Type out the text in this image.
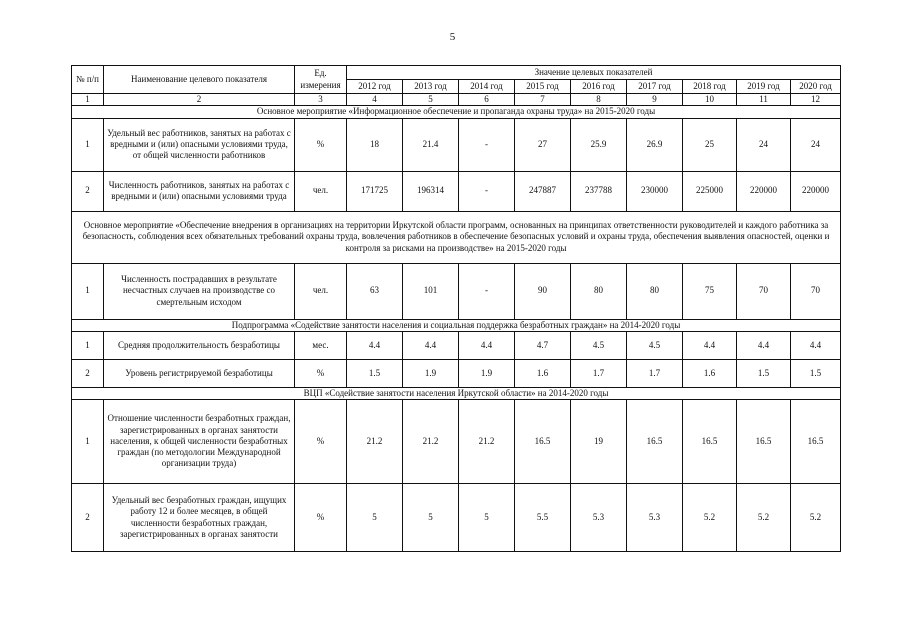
5
№ п/п	Наименование целевого показателя	Ед. измерения	Значение целевых показателей								
			2012 год	2013 год	2014 год	2015 год	2016 год	2017 год	2018 год	2019 год	2020 год
1	2	3	4	5	6	7	8	9	10	11	12
Основное мероприятие «Информационное обеспечение и пропаганда охраны труда» на 2015-2020 годы											
1	Удельный вес работников, занятых на работах с вредными и (или) опасными условиями труда, от общей численности работников	%	18	21.4	-	27	25.9	26.9	25	24	24
2	Численность работников, занятых на работах с вредными и (или) опасными условиями труда	чел.	171725	196314	-	247887	237788	230000	225000	220000	220000
Основное мероприятие «Обеспечение внедрения в организациях на территории Иркутской области программ, основанных на принципах ответственности руководителей и каждого работника за безопасность, соблюдения всех обязательных требований охраны труда, вовлечения работников в обеспечение безопасных условий и охраны труда, обеспечения выявления опасностей, оценки и контроля за рисками на производстве» на 2015-2020 годы											
1	Численность пострадавших в результате несчастных случаев на производстве со смертельным исходом	чел.	63	101	-	90	80	80	75	70	70
Подпрограмма «Содействие занятости населения и социальная поддержка безработных граждан» на 2014-2020 годы											
1	Средняя продолжительность безработицы	мес.	4.4	4.4	4.4	4.7	4.5	4.5	4.4	4.4	4.4
2	Уровень регистрируемой безработицы	%	1.5	1.9	1.9	1.6	1.7	1.7	1.6	1.5	1.5
ВЦП «Содействие занятости населения Иркутской области» на 2014-2020 годы											
1	Отношение численности безработных граждан, зарегистрированных в органах занятости населения, к общей численности безработных граждан (по методологии Международной организации труда)	%	21.2	21.2	21.2	16.5	19	16.5	16.5	16.5	16.5
2	Удельный вес безработных граждан, ищущих работу 12 и более месяцев, в общей численности безработных граждан, зарегистрированных в органах занятости	%	5	5	5	5.5	5.3	5.3	5.2	5.2	5.2
